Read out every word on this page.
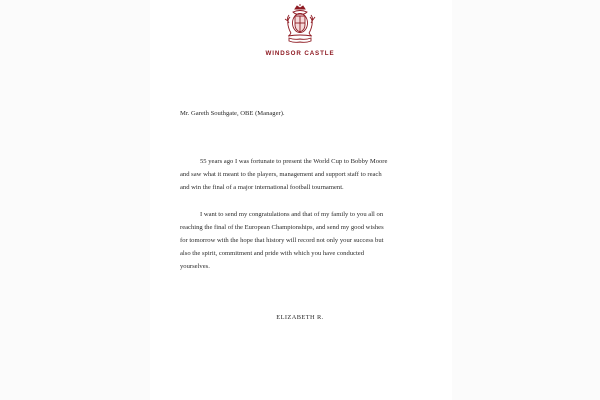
WINDSOR CASTLE
Mr. Gareth Southgate, OBE (Manager).
55 years ago I was fortunate to present the World Cup to Bobby Moore
and saw what it meant to the players, management and support staff to reach
and win the final of a major international football tournament.
I want to send my congratulations and that of my family to you all on
reaching the final of the European Championships, and send my good wishes
for tomorrow with the hope that history will record not only your success but
also the spirit, commitment and pride with which you have conducted
yourselves.
ELIZABETH R.
